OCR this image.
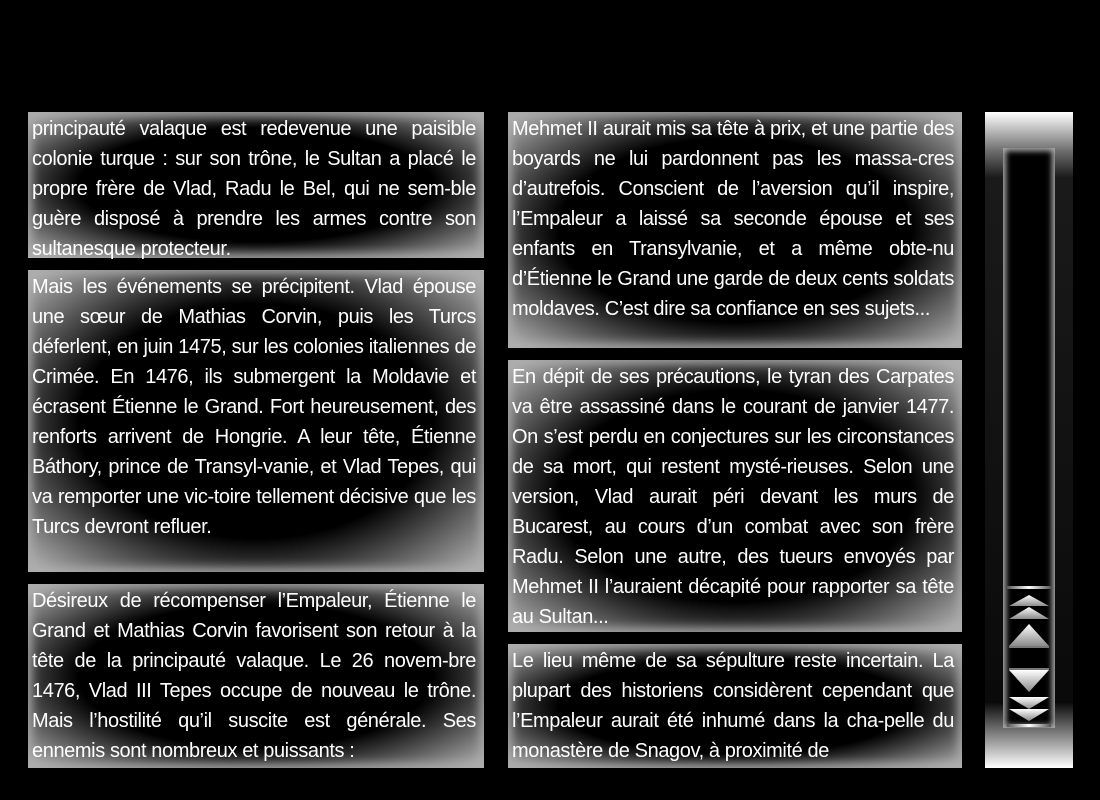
principauté valaque est redevenue une paisible colonie turque : sur son trône, le Sultan a placé le propre frère de Vlad, Radu le Bel, qui ne sem-ble guère disposé à prendre les armes contre son sultanesque protecteur.
Mais les événements se précipitent. Vlad épouse une sœur de Mathias Corvin, puis les Turcs déferlent, en juin 1475, sur les colonies italiennes de Crimée. En 1476, ils submergent la Moldavie et écrasent Étienne le Grand. Fort heureusement, des renforts arrivent de Hongrie. A leur tête, Étienne Báthory, prince de Transyl-vanie, et Vlad Tepes, qui va remporter une vic-toire tellement décisive que les Turcs devront refluer.
Désireux de récompenser l’Empaleur, Étienne le Grand et Mathias Corvin favorisent son retour à la tête de la principauté valaque. Le 26 novem-bre 1476, Vlad III Tepes occupe de nouveau le trône. Mais l’hostilité qu’il suscite est générale. Ses ennemis sont nombreux et puissants :
Mehmet II aurait mis sa tête à prix, et une partie des boyards ne lui pardonnent pas les massa-cres d’autrefois. Conscient de l’aversion qu’il inspire, l’Empaleur a laissé sa seconde épouse et ses enfants en Transylvanie, et a même obte-nu d’Étienne le Grand une garde de deux cents soldats moldaves. C’est dire sa confiance en ses sujets...
En dépit de ses précautions, le tyran des Carpates va être assassiné dans le courant de janvier 1477. On s’est perdu en conjectures sur les circonstances de sa mort, qui restent mysté-rieuses. Selon une version, Vlad aurait péri devant les murs de Bucarest, au cours d’un combat avec son frère Radu. Selon une autre, des tueurs envoyés par Mehmet II l’auraient décapité pour rapporter sa tête au Sultan...
Le lieu même de sa sépulture reste incertain. La plupart des historiens considèrent cependant que l’Empaleur aurait été inhumé dans la cha-pelle du monastère de Snagov, à proximité de
